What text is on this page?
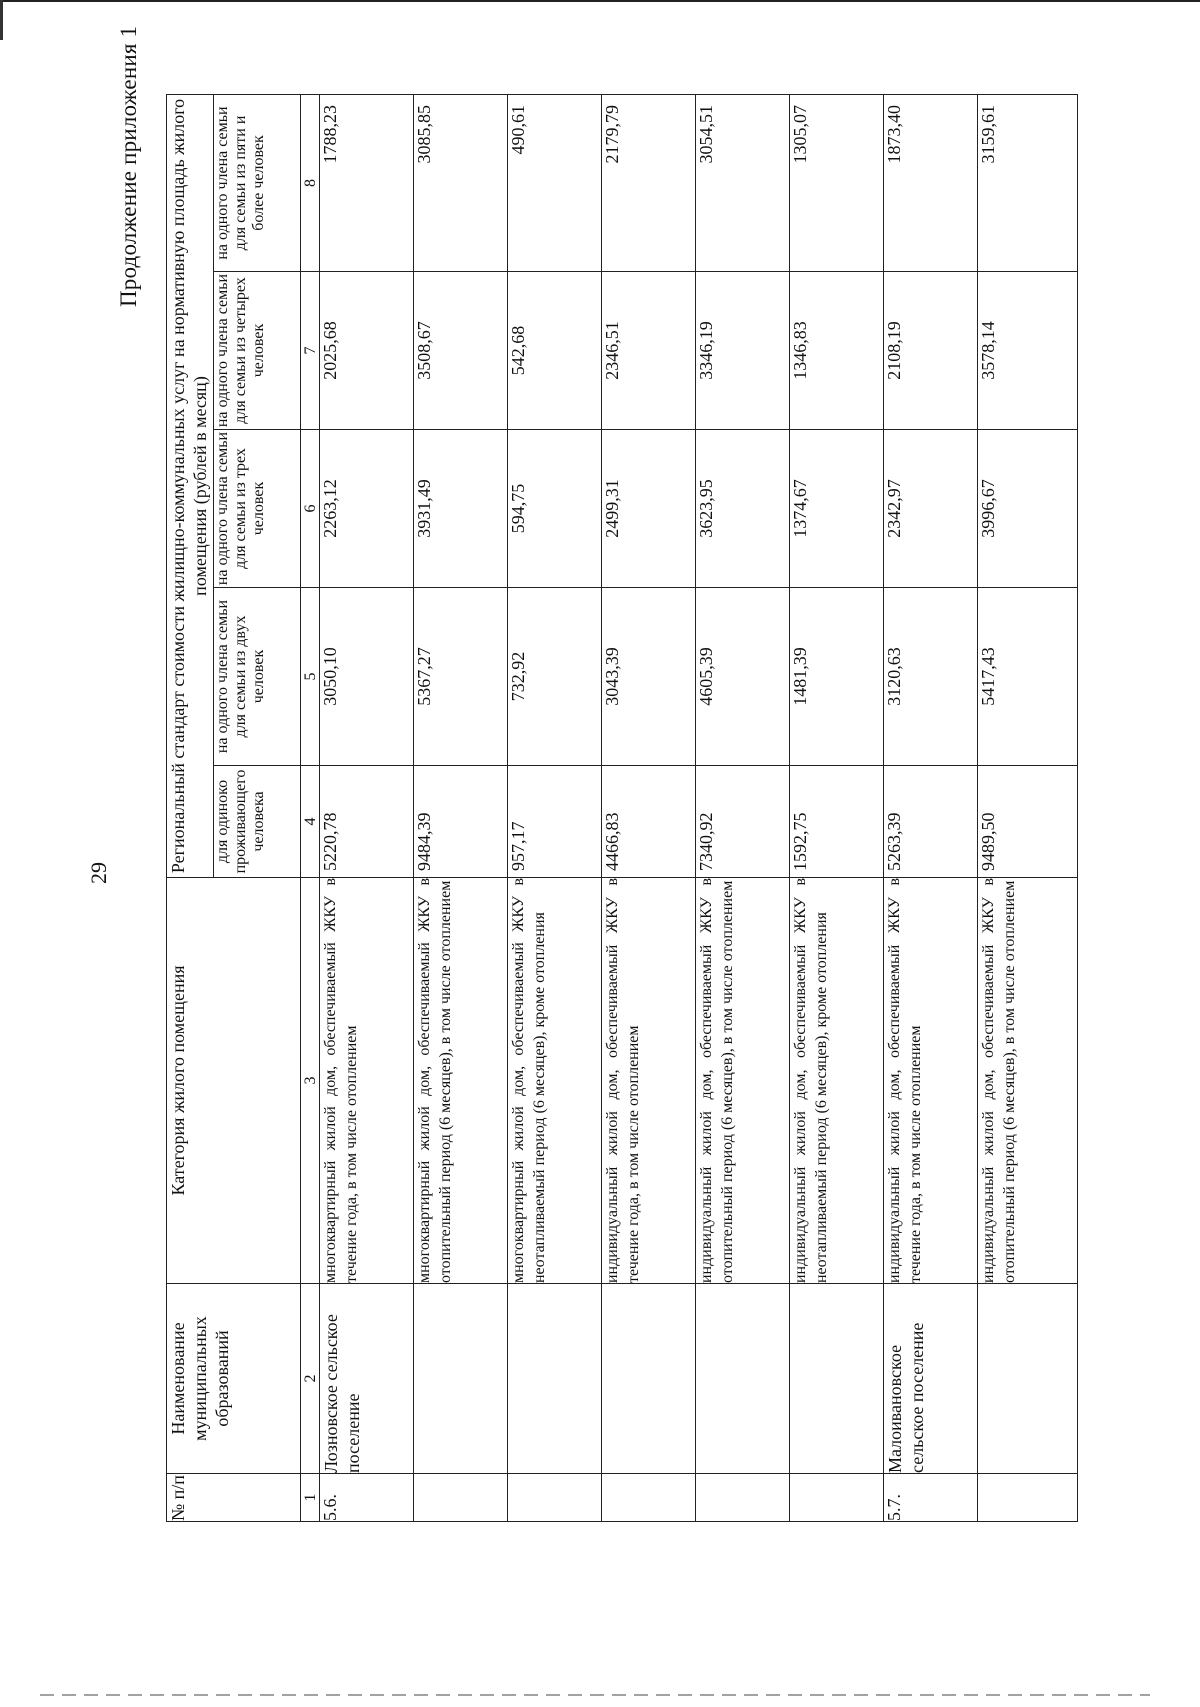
29
Продолжение приложения 1
№ п/п	Наименование муниципальных образований	Категория жилого помещения	Региональный стандарт стоимости жилищно-коммунальных услуг на нормативную площадь жилого помещения (рублей в месяц)				
			для одиноко проживающего человека	на одного члена семьи для семьи из двух человек	на одного члена семьи для семьи из трех человек	на одного члена семьи для семьи из четырех человек	на одного члена семьи для семьи из пяти и более человек
1	2	3	4	5	6	7	8
5.6.	Лозновское сельское поселение	многоквартирный жилой дом, обеспечиваемый ЖКУ в течение года, в том числе отоплением	5220,78	3050,10	2263,12	2025,68	1788,23
		многоквартирный жилой дом, обеспечиваемый ЖКУ в отопительный период (6 месяцев), в том числе отоплением	9484,39	5367,27	3931,49	3508,67	3085,85
		многоквартирный жилой дом, обеспечиваемый ЖКУ в неотапливаемый период (6 месяцев), кроме отопления	957,17	732,92	594,75	542,68	490,61
		индивидуальный жилой дом, обеспечиваемый ЖКУ в течение года, в том числе отоплением	4466,83	3043,39	2499,31	2346,51	2179,79
		индивидуальный жилой дом, обеспечиваемый ЖКУ в отопительный период (6 месяцев), в том числе отоплением	7340,92	4605,39	3623,95	3346,19	3054,51
		индивидуальный жилой дом, обеспечиваемый ЖКУ в неотапливаемый период (6 месяцев), кроме отопления	1592,75	1481,39	1374,67	1346,83	1305,07
5.7.	Малоивановское сельское поселение	индивидуальный жилой дом, обеспечиваемый ЖКУ в течение года, в том числе отоплением	5263,39	3120,63	2342,97	2108,19	1873,40
		индивидуальный жилой дом, обеспечиваемый ЖКУ в отопительный период (6 месяцев), в том числе отоплением	9489,50	5417,43	3996,67	3578,14	3159,61
